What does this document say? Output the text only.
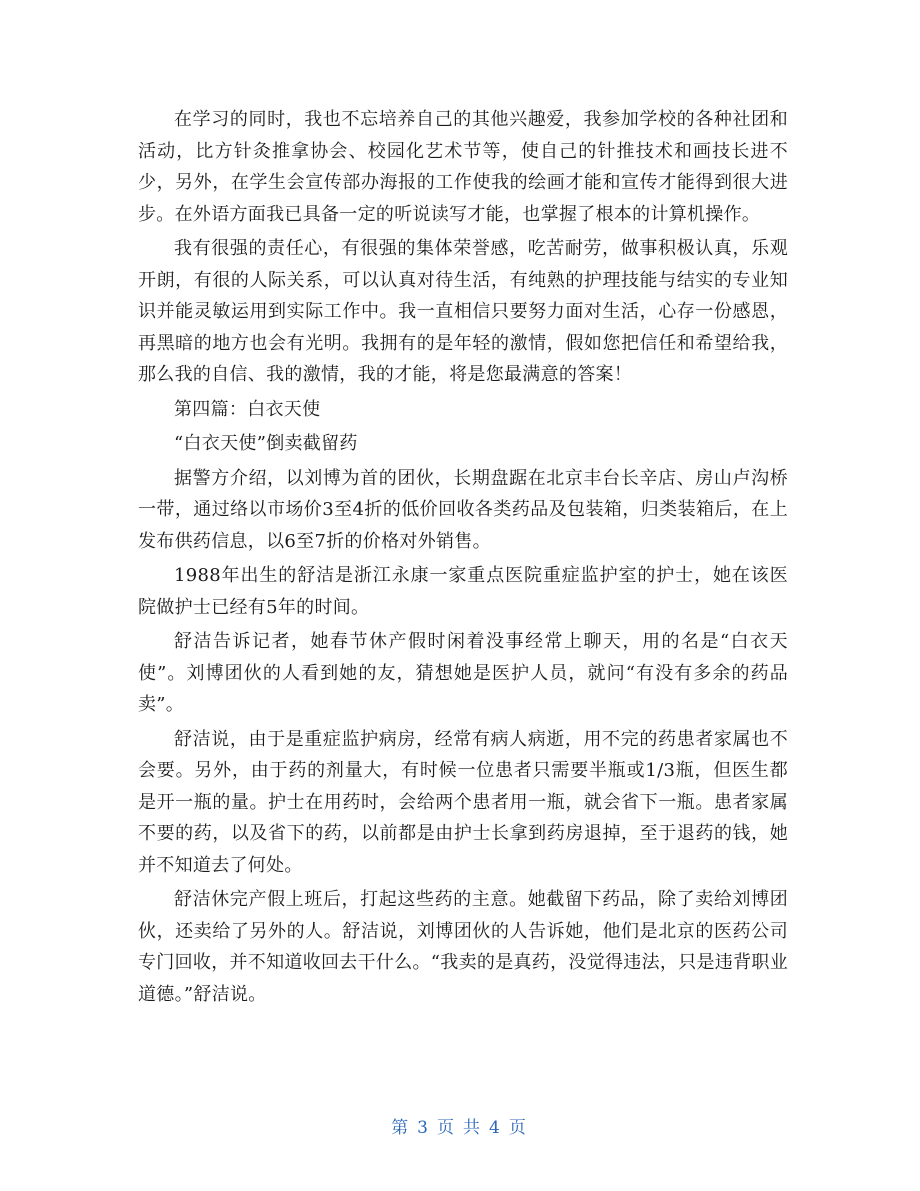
在学习的同时，我也不忘培养自己的其他兴趣爱，我参加学校的各种社团和活动，比方针灸推拿协会、校园化艺术节等，使自己的针推技术和画技长进不少，另外，在学生会宣传部办海报的工作使我的绘画才能和宣传才能得到很大进步。在外语方面我已具备一定的听说读写才能，也掌握了根本的计算机操作。

我有很强的责任心，有很强的集体荣誉感，吃苦耐劳，做事积极认真，乐观开朗，有很的人际关系，可以认真对待生活，有纯熟的护理技能与结实的专业知识并能灵敏运用到实际工作中。我一直相信只要努力面对生活，心存一份感恩，再黑暗的地方也会有光明。我拥有的是年轻的激情，假如您把信任和希望给我，那么我的自信、我的激情，我的才能，将是您最满意的答案！

第四篇：白衣天使

“白衣天使”倒卖截留药

据警方介绍，以刘博为首的团伙，长期盘踞在北京丰台长辛店、房山卢沟桥一带，通过络以市场价3至4折的低价回收各类药品及包装箱，归类装箱后，在上发布供药信息，以6至7折的价格对外销售。

1988年出生的舒洁是浙江永康一家重点医院重症监护室的护士，她在该医院做护士已经有5年的时间。

舒洁告诉记者，她春节休产假时闲着没事经常上聊天，用的名是“白衣天使”。刘博团伙的人看到她的友，猜想她是医护人员，就问“有没有多余的药品卖”。

舒洁说，由于是重症监护病房，经常有病人病逝，用不完的药患者家属也不会要。另外，由于药的剂量大，有时候一位患者只需要半瓶或1/3瓶，但医生都是开一瓶的量。护士在用药时，会给两个患者用一瓶，就会省下一瓶。患者家属不要的药，以及省下的药，以前都是由护士长拿到药房退掉，至于退药的钱，她并不知道去了何处。

舒洁休完产假上班后，打起这些药的主意。她截留下药品，除了卖给刘博团伙，还卖给了另外的人。舒洁说，刘博团伙的人告诉她，他们是北京的医药公司专门回收，并不知道收回去干什么。“我卖的是真药，没觉得违法，只是违背职业道德。”舒洁说。

第 3 页 共 4 页
